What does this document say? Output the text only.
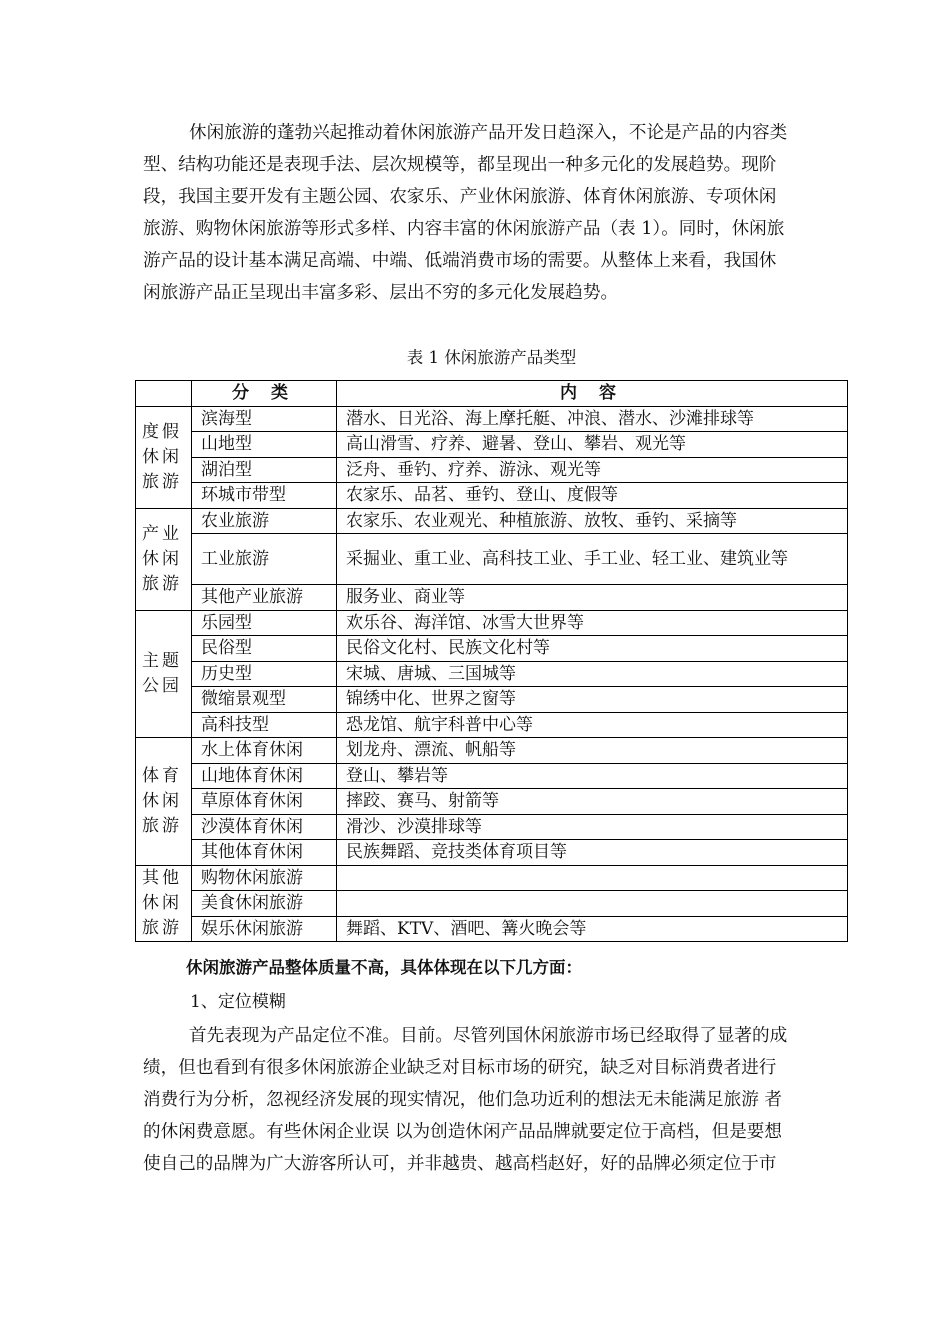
休闲旅游的蓬勃兴起推动着休闲旅游产品开发日趋深入，不论是产品的内容类
型、结构功能还是表现手法、层次规模等，都呈现出一种多元化的发展趋势。现阶
段，我国主要开发有主题公园、农家乐、产业休闲旅游、体育休闲旅游、专项休闲
旅游、购物休闲旅游等形式多样、内容丰富的休闲旅游产品（表 1）。同时，休闲旅
游产品的设计基本满足高端、中端、低端消费市场的需要。从整体上来看，我国休
闲旅游产品正呈现出丰富多彩、层出不穷的多元化发展趋势。
表 1 休闲旅游产品类型
	分 类	内 容

度假
休闲
旅游	滨海型	潜水、日光浴、海上摩托艇、冲浪、潜水、沙滩排球等
	山地型	高山滑雪、疗养、避暑、登山、攀岩、观光等
	湖泊型	泛舟、垂钓、疗养、游泳、观光等
	环城市带型	农家乐、品茗、垂钓、登山、度假等

产业
休闲
旅游	农业旅游	农家乐、农业观光、种植旅游、放牧、垂钓、采摘等
	工业旅游	采掘业、重工业、高科技工业、手工业、轻工业、建筑业等
	其他产业旅游	服务业、商业等

主题
公园	乐园型	欢乐谷、海洋馆、冰雪大世界等
	民俗型	民俗文化村、民族文化村等
	历史型	宋城、唐城、三国城等
	微缩景观型	锦绣中化、世界之窗等
	高科技型	恐龙馆、航宇科普中心等

体育
休闲
旅游	水上体育休闲	划龙舟、漂流、帆船等
	山地体育休闲	登山、攀岩等
	草原体育休闲	摔跤、赛马、射箭等
	沙漠体育休闲	滑沙、沙漠排球等
	其他体育休闲	民族舞蹈、竞技类体育项目等

其他
休闲
旅游	购物休闲旅游	
	美食休闲旅游	
	娱乐休闲旅游	舞蹈、KTV、酒吧、篝火晚会等
休闲旅游产品整体质量不高，具体体现在以下几方面：
1、定位模糊
首先表现为产品定位不准。目前。尽管列国休闲旅游市场已经取得了显著的成
绩，但也看到有很多休闲旅游企业缺乏对目标市场的研究，缺乏对目标消费者进行
消费行为分析，忽视经济发展的现实情况，他们急功近利的想法无未能满足旅游 者
的休闲费意愿。有些休闲企业误 以为创造休闲产品品牌就要定位于高档，但是要想
使自己的品牌为广大游客所认可，并非越贵、越高档赵好，好的品牌必须定位于市
